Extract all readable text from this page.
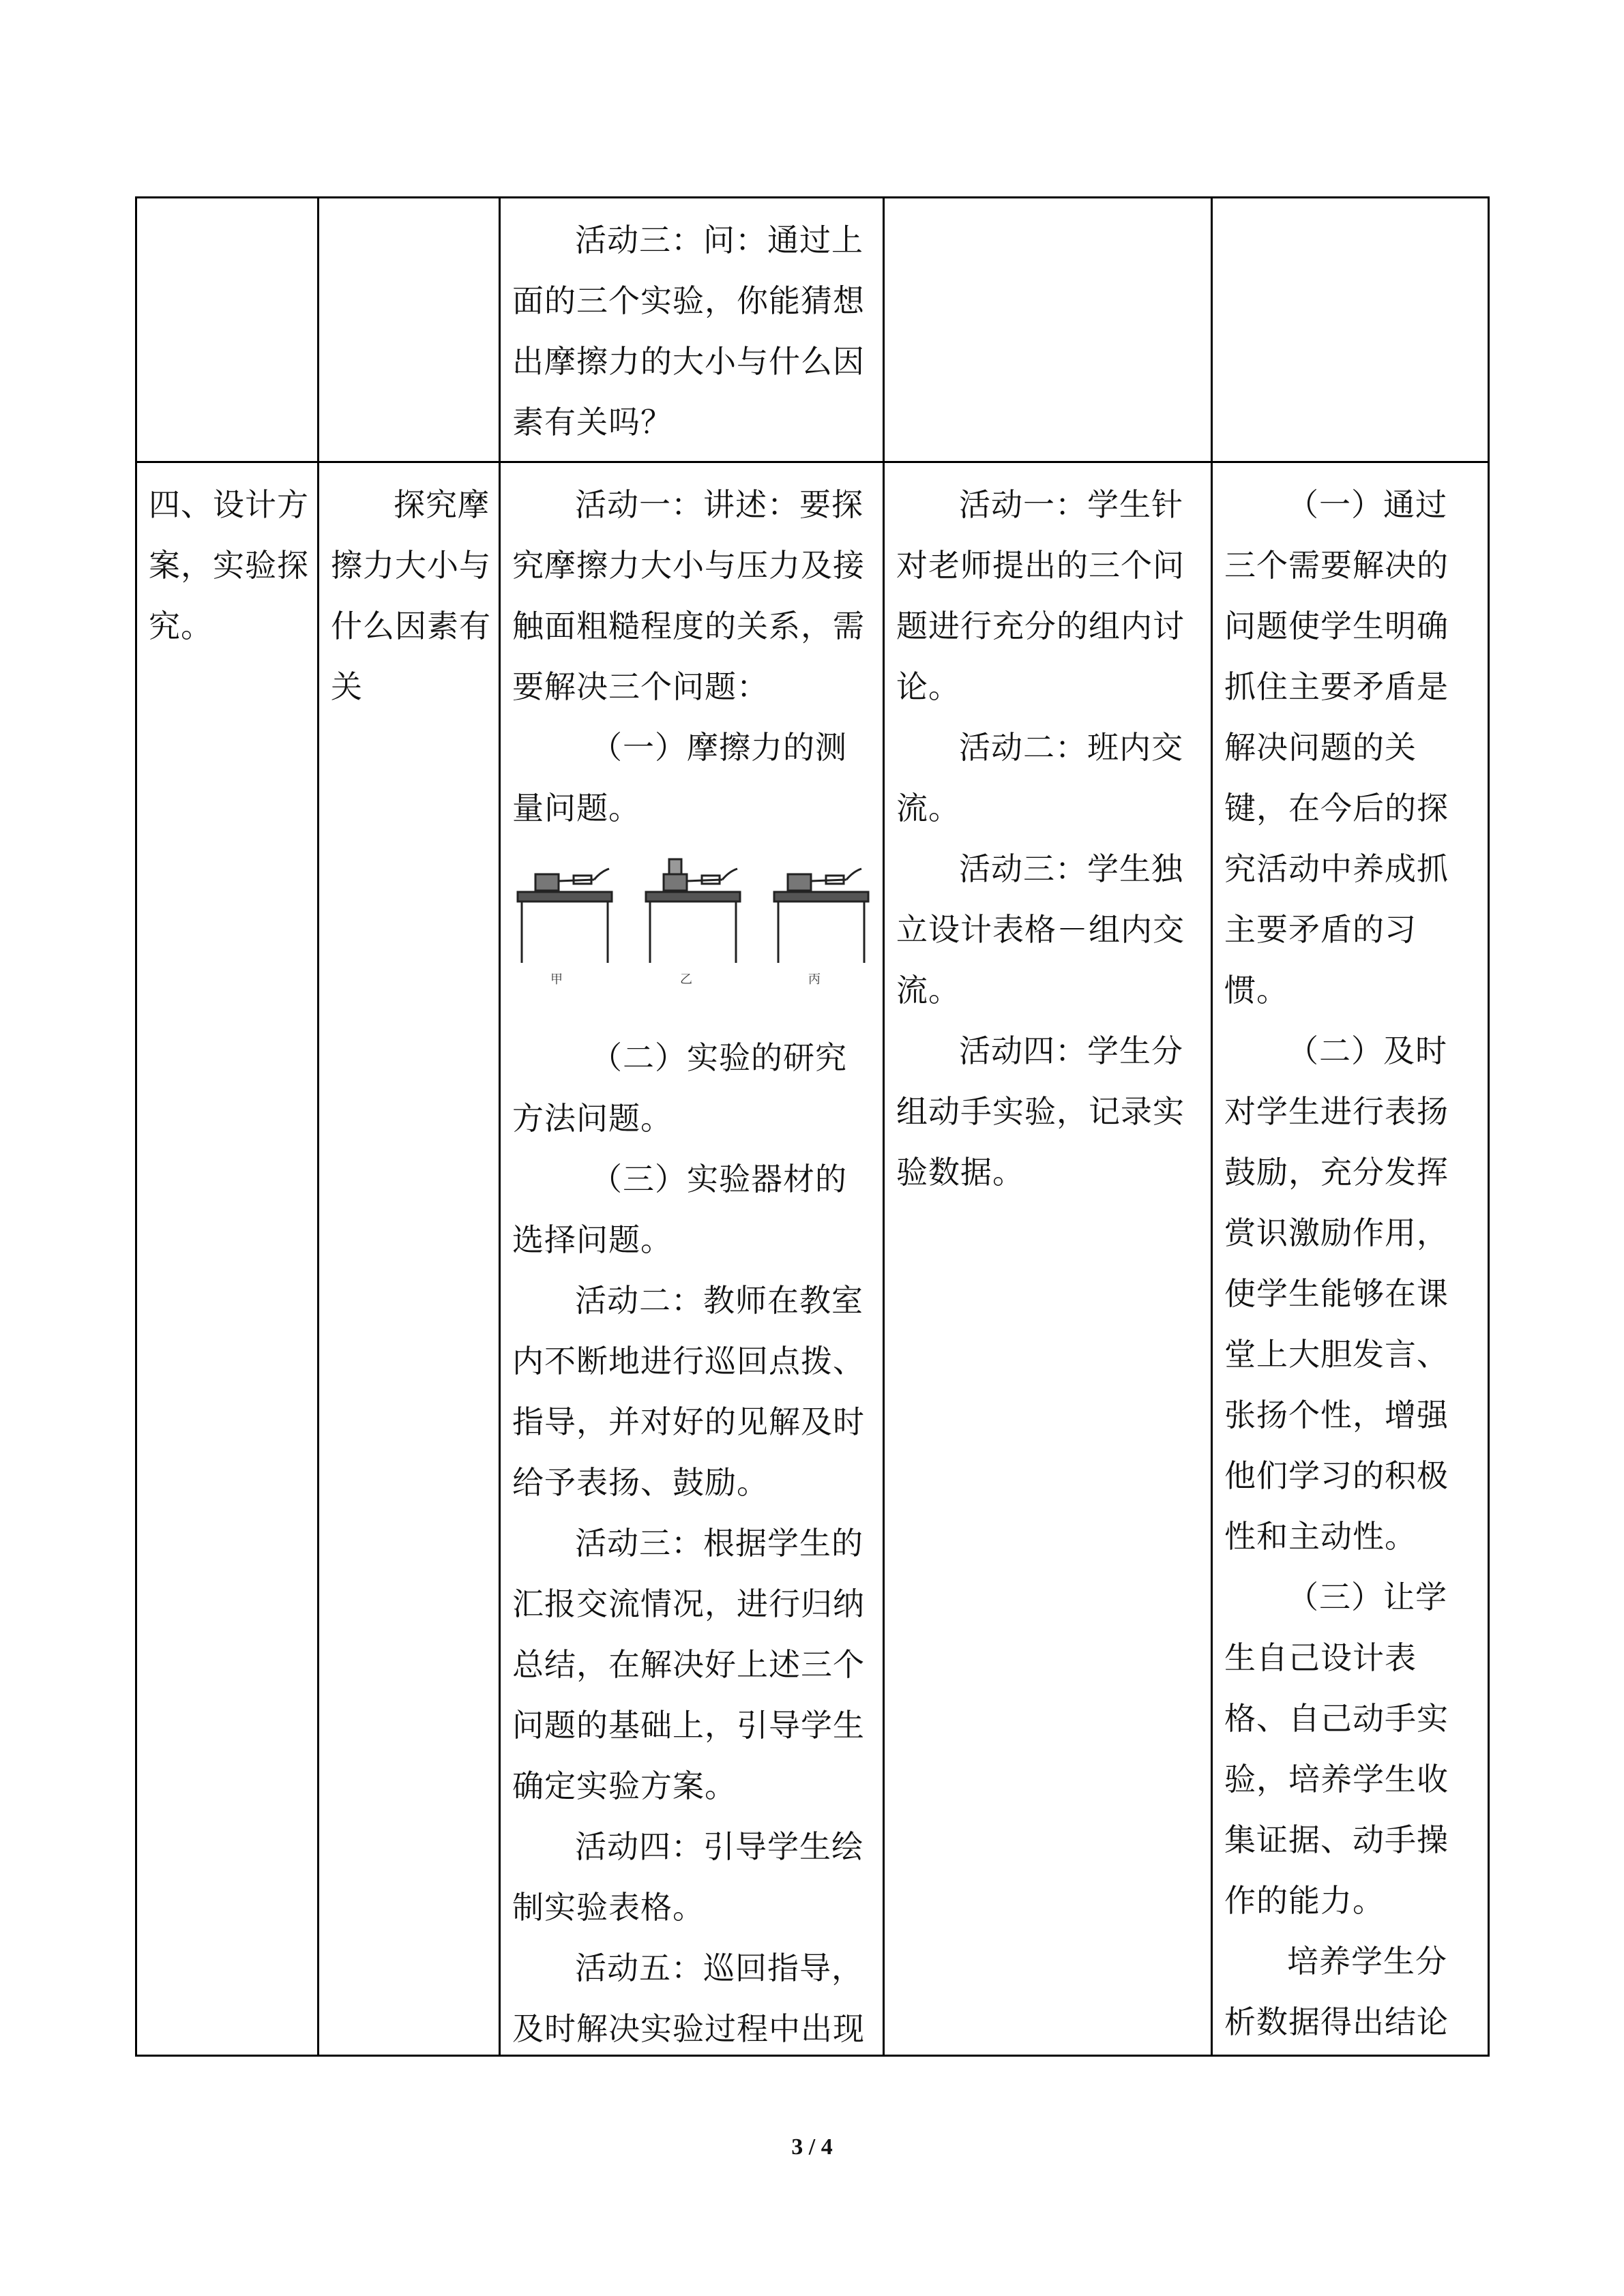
活动三：问：通过上面的三个实验，你能猜想出摩擦力的大小与什么因素有关吗？

四、设计方案，实验探究。

探究摩擦力大小与什么因素有关

活动一：讲述：要探究摩擦力大小与压力及接触面粗糙程度的关系，需要解决三个问题：

（一）摩擦力的测量问题。

甲	乙	丙

（二）实验的研究方法问题。

（三）实验器材的选择问题。

活动二：教师在教室内不断地进行巡回点拨、指导，并对好的见解及时给予表扬、鼓励。

活动三：根据学生的汇报交流情况，进行归纳总结，在解决好上述三个问题的基础上，引导学生确定实验方案。

活动四：引导学生绘制实验表格。

活动五：巡回指导，及时解决实验过程中出现

活动一：学生针对老师提出的三个问题进行充分的组内讨论。

活动二：班内交流。

活动三：学生独立设计表格－组内交流。

活动四：学生分组动手实验，记录实验数据。

（一）通过三个需要解决的问题使学生明确抓住主要矛盾是解决问题的关键，在今后的探究活动中养成抓主要矛盾的习惯。

（二）及时对学生进行表扬鼓励，充分发挥赏识激励作用，使学生能够在课堂上大胆发言、张扬个性，增强他们学习的积极性和主动性。

（三）让学生自己设计表格、自己动手实验，培养学生收集证据、动手操作的能力。

培养学生分析数据得出结论

3 / 4
